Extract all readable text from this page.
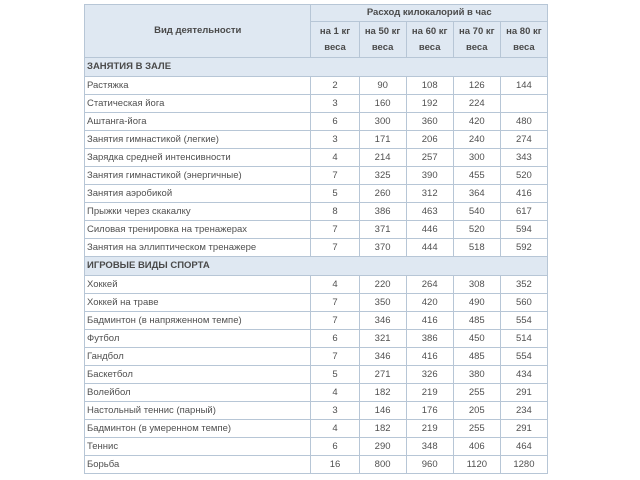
Вид деятельности	Расход килокалорий в час				
	на 1 кг веса	на 50 кг веса	на 60 кг веса	на 70 кг веса	на 80 кг веса
ЗАНЯТИЯ В ЗАЛЕ					
Растяжка	2	90	108	126	144
Статическая йога	3	160	192	224	
Аштанга-йога	6	300	360	420	480
Занятия гимнастикой (легкие)	3	171	206	240	274
Зарядка средней интенсивности	4	214	257	300	343
Занятия гимнастикой (энергичные)	7	325	390	455	520
Занятия аэробикой	5	260	312	364	416
Прыжки через скакалку	8	386	463	540	617
Силовая тренировка на тренажерах	7	371	446	520	594
Занятия на эллиптическом тренажере	7	370	444	518	592
ИГРОВЫЕ ВИДЫ СПОРТА					
Хоккей	4	220	264	308	352
Хоккей на траве	7	350	420	490	560
Бадминтон (в напряженном темпе)	7	346	416	485	554
Футбол	6	321	386	450	514
Гандбол	7	346	416	485	554
Баскетбол	5	271	326	380	434
Волейбол	4	182	219	255	291
Настольный теннис (парный)	3	146	176	205	234
Бадминтон (в умеренном темпе)	4	182	219	255	291
Теннис	6	290	348	406	464
Борьба	16	800	960	1120	1280
